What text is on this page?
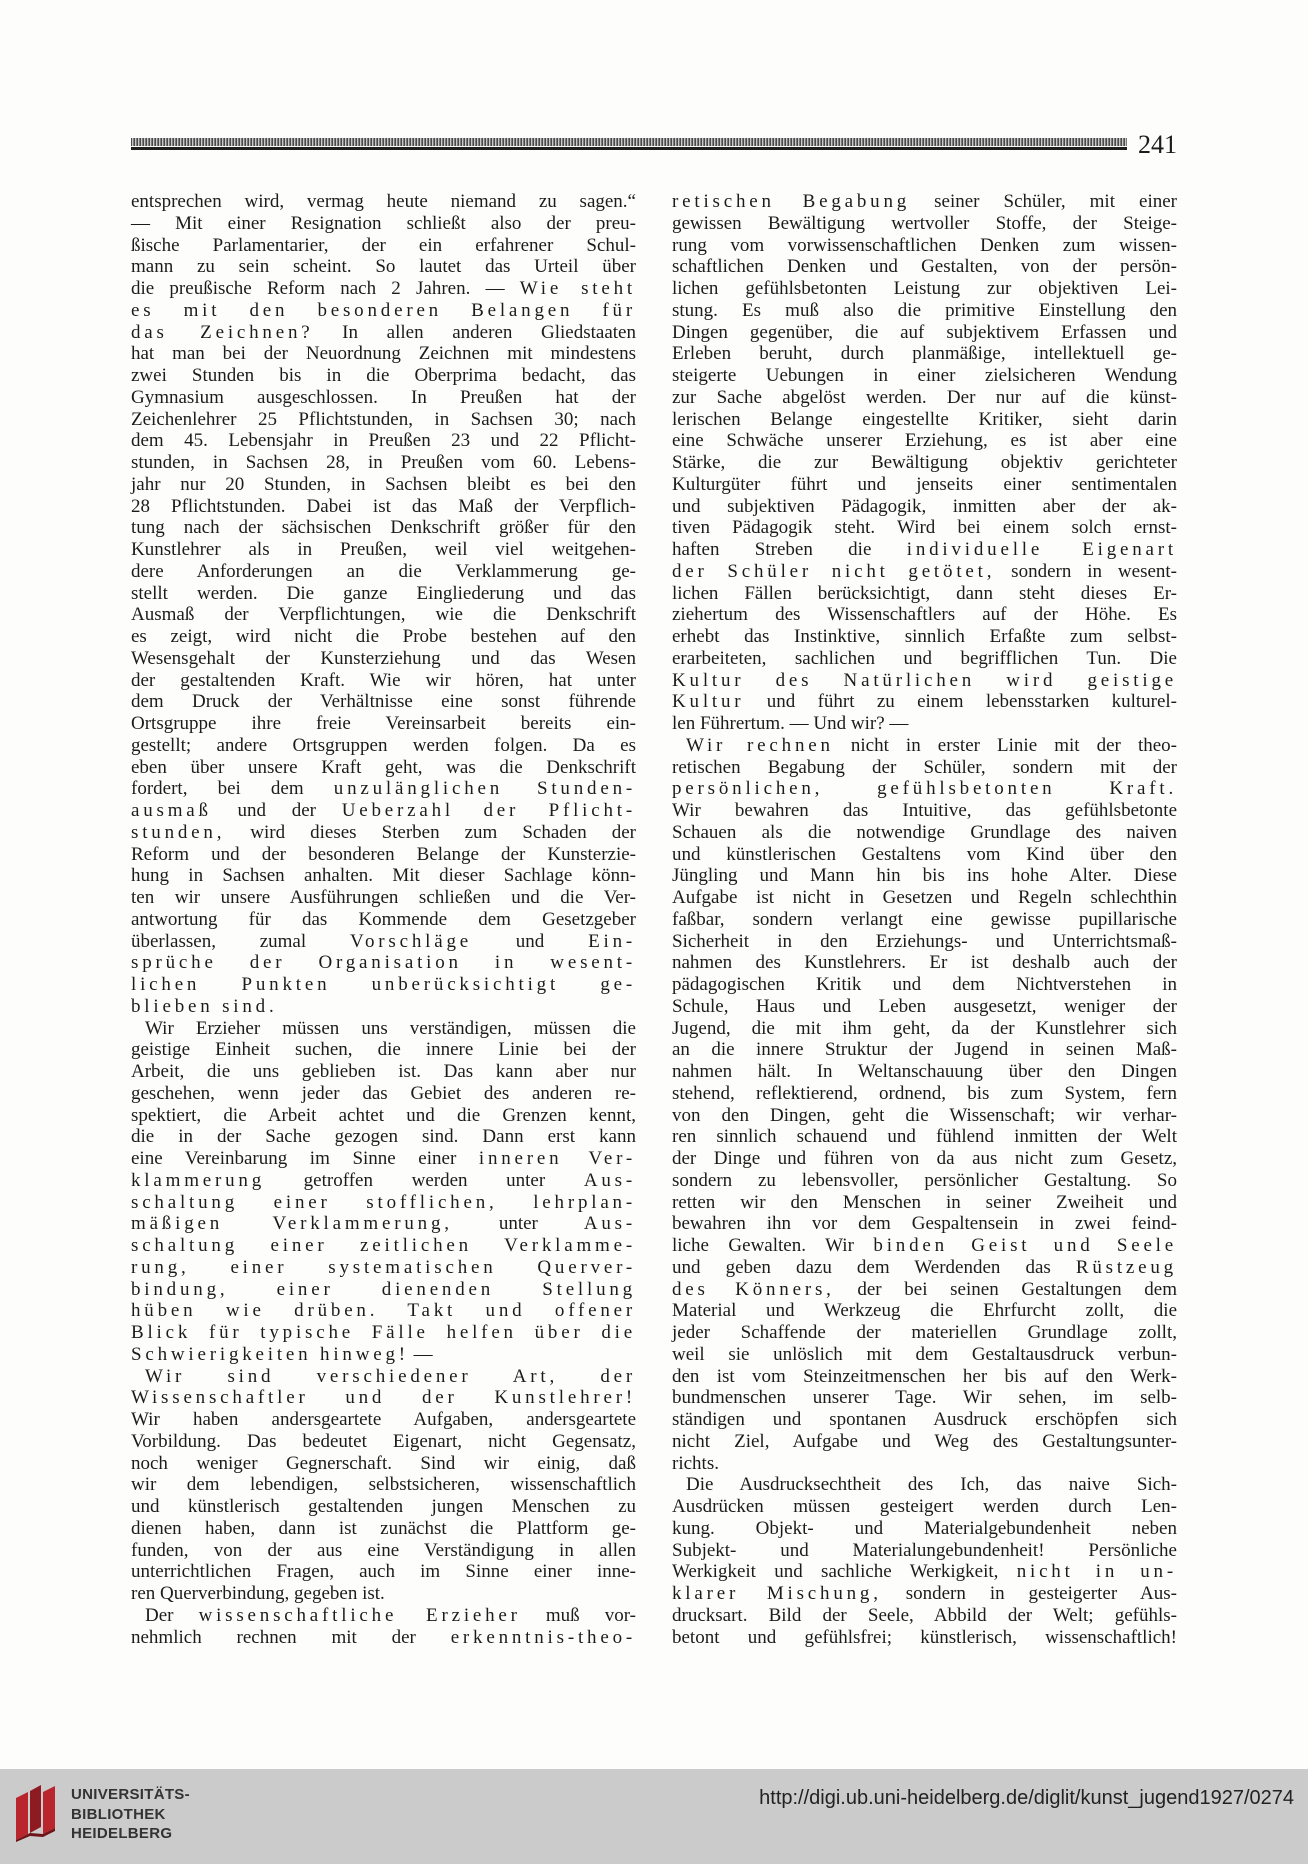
241
entsprechen wird, vermag heute niemand zu sagen.“
— Mit einer Resignation schließt also der preu-
ßische Parlamentarier, der ein erfahrener Schul-
mann zu sein scheint. So lautet das Urteil über
die preußische Reform nach 2 Jahren. — Wie steht
es mit den besonderen Belangen für
das Zeichnen? In allen anderen Gliedstaaten
hat man bei der Neuordnung Zeichnen mit mindestens
zwei Stunden bis in die Oberprima bedacht, das
Gymnasium ausgeschlossen. In Preußen hat der
Zeichenlehrer 25 Pflichtstunden, in Sachsen 30; nach
dem 45. Lebensjahr in Preußen 23 und 22 Pflicht-
stunden, in Sachsen 28, in Preußen vom 60. Lebens-
jahr nur 20 Stunden, in Sachsen bleibt es bei den
28 Pflichtstunden. Dabei ist das Maß der Verpflich-
tung nach der sächsischen Denkschrift größer für den
Kunstlehrer als in Preußen, weil viel weitgehen-
dere Anforderungen an die Verklammerung ge-
stellt werden. Die ganze Eingliederung und das
Ausmaß der Verpflichtungen, wie die Denkschrift
es zeigt, wird nicht die Probe bestehen auf den
Wesensgehalt der Kunsterziehung und das Wesen
der gestaltenden Kraft. Wie wir hören, hat unter
dem Druck der Verhältnisse eine sonst führende
Ortsgruppe ihre freie Vereinsarbeit bereits ein-
gestellt; andere Ortsgruppen werden folgen. Da es
eben über unsere Kraft geht, was die Denkschrift
fordert, bei dem unzulänglichen Stunden-
ausmaß und der Ueberzahl der Pflicht-
stunden, wird dieses Sterben zum Schaden der
Reform und der besonderen Belange der Kunsterzie-
hung in Sachsen anhalten. Mit dieser Sachlage könn-
ten wir unsere Ausführungen schließen und die Ver-
antwortung für das Kommende dem Gesetzgeber
überlassen, zumal Vorschläge und Ein-
sprüche der Organisation in wesent-
lichen Punkten unberücksichtigt ge-
blieben sind.
Wir Erzieher müssen uns verständigen, müssen die
geistige Einheit suchen, die innere Linie bei der
Arbeit, die uns geblieben ist. Das kann aber nur
geschehen, wenn jeder das Gebiet des anderen re-
spektiert, die Arbeit achtet und die Grenzen kennt,
die in der Sache gezogen sind. Dann erst kann
eine Vereinbarung im Sinne einer inneren Ver-
klammerung getroffen werden unter Aus-
schaltung einer stofflichen, lehrplan-
mäßigen Verklammerung, unter Aus-
schaltung einer zeitlichen Verklamme-
rung, einer systematischen Querver-
bindung, einer dienenden Stellung
hüben wie drüben. Takt und offener
Blick für typische Fälle helfen über die
Schwierigkeiten hinweg! —
Wir sind verschiedener Art, der
Wissenschaftler und der Kunstlehrer!
Wir haben andersgeartete Aufgaben, andersgeartete
Vorbildung. Das bedeutet Eigenart, nicht Gegensatz,
noch weniger Gegnerschaft. Sind wir einig, daß
wir dem lebendigen, selbstsicheren, wissenschaftlich
und künstlerisch gestaltenden jungen Menschen zu
dienen haben, dann ist zunächst die Plattform ge-
funden, von der aus eine Verständigung in allen
unterrichtlichen Fragen, auch im Sinne einer inne-
ren Querverbindung, gegeben ist.
Der wissenschaftliche Erzieher muß vor-
nehmlich rechnen mit der erkenntnis-theo-
retischen Begabung seiner Schüler, mit einer
gewissen Bewältigung wertvoller Stoffe, der Steige-
rung vom vorwissenschaftlichen Denken zum wissen-
schaftlichen Denken und Gestalten, von der persön-
lichen gefühlsbetonten Leistung zur objektiven Lei-
stung. Es muß also die primitive Einstellung den
Dingen gegenüber, die auf subjektivem Erfassen und
Erleben beruht, durch planmäßige, intellektuell ge-
steigerte Uebungen in einer zielsicheren Wendung
zur Sache abgelöst werden. Der nur auf die künst-
lerischen Belange eingestellte Kritiker, sieht darin
eine Schwäche unserer Erziehung, es ist aber eine
Stärke, die zur Bewältigung objektiv gerichteter
Kulturgüter führt und jenseits einer sentimentalen
und subjektiven Pädagogik, inmitten aber der ak-
tiven Pädagogik steht. Wird bei einem solch ernst-
haften Streben die individuelle Eigenart
der Schüler nicht getötet, sondern in wesent-
lichen Fällen berücksichtigt, dann steht dieses Er-
ziehertum des Wissenschaftlers auf der Höhe. Es
erhebt das Instinktive, sinnlich Erfaßte zum selbst-
erarbeiteten, sachlichen und begrifflichen Tun. Die
Kultur des Natürlichen wird geistige
Kultur und führt zu einem lebensstarken kulturel-
len Führertum. — Und wir? —
Wir rechnen nicht in erster Linie mit der theo-
retischen Begabung der Schüler, sondern mit der
persönlichen, gefühlsbetonten Kraft.
Wir bewahren das Intuitive, das gefühlsbetonte
Schauen als die notwendige Grundlage des naiven
und künstlerischen Gestaltens vom Kind über den
Jüngling und Mann hin bis ins hohe Alter. Diese
Aufgabe ist nicht in Gesetzen und Regeln schlechthin
faßbar, sondern verlangt eine gewisse pupillarische
Sicherheit in den Erziehungs- und Unterrichtsmaß-
nahmen des Kunstlehrers. Er ist deshalb auch der
pädagogischen Kritik und dem Nichtverstehen in
Schule, Haus und Leben ausgesetzt, weniger der
Jugend, die mit ihm geht, da der Kunstlehrer sich
an die innere Struktur der Jugend in seinen Maß-
nahmen hält. In Weltanschauung über den Dingen
stehend, reflektierend, ordnend, bis zum System, fern
von den Dingen, geht die Wissenschaft; wir verhar-
ren sinnlich schauend und fühlend inmitten der Welt
der Dinge und führen von da aus nicht zum Gesetz,
sondern zu lebensvoller, persönlicher Gestaltung. So
retten wir den Menschen in seiner Zweiheit und
bewahren ihn vor dem Gespaltensein in zwei feind-
liche Gewalten. Wir binden Geist und Seele
und geben dazu dem Werdenden das Rüstzeug
des Könners, der bei seinen Gestaltungen dem
Material und Werkzeug die Ehrfurcht zollt, die
jeder Schaffende der materiellen Grundlage zollt,
weil sie unlöslich mit dem Gestaltausdruck verbun-
den ist vom Steinzeitmenschen her bis auf den Werk-
bundmenschen unserer Tage. Wir sehen, im selb-
ständigen und spontanen Ausdruck erschöpfen sich
nicht Ziel, Aufgabe und Weg des Gestaltungsunter-
richts.
Die Ausdrucksechtheit des Ich, das naive Sich-
Ausdrücken müssen gesteigert werden durch Len-
kung. Objekt- und Materialgebundenheit neben
Subjekt- und Materialungebundenheit! Persönliche
Werkigkeit und sachliche Werkigkeit, nicht in un-
klarer Mischung, sondern in gesteigerter Aus-
drucksart. Bild der Seele, Abbild der Welt; gefühls-
betont und gefühlsfrei; künstlerisch, wissenschaftlich!
UNIVERSITÄTS-
BIBLIOTHEK
HEIDELBERG
http://digi.ub.uni-heidelberg.de/diglit/kunst_jugend1927/0274
